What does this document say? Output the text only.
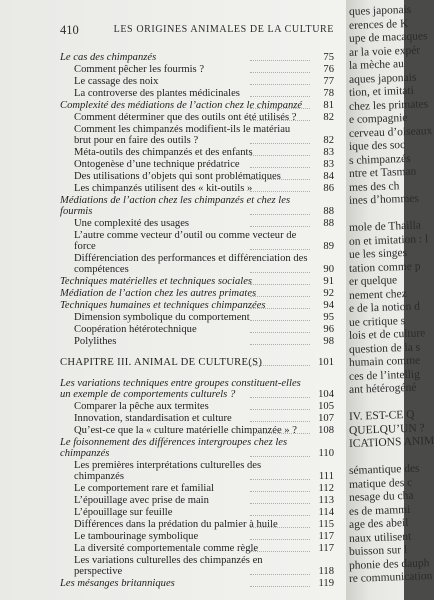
410	LES ORIGINES ANIMALES DE LA CULTURE
Le cas des chimpanzés	75
Comment pêcher les fourmis ?	76
Le cassage des noix	77
La controverse des plantes médicinales	78
Complexité des médiations de l’action chez le chimpanzé 81
Comment déterminer que des outils ont été utilisés ?	82
Comment les chimpanzés modifient-ils le matériau brut pour en faire des outils ?	82
Méta-outils des chimpanzés et des enfants	83
Ontogenèse d’une technique prédatrice	83
Des utilisations d’objets qui sont problématiques	84
Les chimpanzés utilisent des « kit-outils »	86
Médiations de l’action chez les chimpanzés et chez les fourmis	88
Une complexité des usages	88
L’autre comme vecteur d’outil ou comme vecteur de force	89
Différenciation des performances et différenciation des compétences	90
Techniques matérielles et techniques sociales	91
Médiation de l’action chez les autres primates	92
Techniques humaines et techniques chimpanzées	94
Dimension symbolique du comportement	95
Coopération hétérotechnique	96
Polylithes	98
CHAPITRE III. ANIMAL DE CULTURE(S)	101
Les variations techniques entre groupes constituent-elles un exemple de comportements culturels ?	104
Comparer la pêche aux termites	105
Innovation, standardisation et culture	107
Qu’est-ce que la « culture matérielle chimpanzée » ? 108
Le foisonnement des différences intergroupes chez les chimpanzés	110
Les premières interprétations culturelles des chimpanzés	111
Le comportement rare et familial	112
L’épouillage avec prise de main	113
L’épouillage sur feuille	114
Différences dans la prédation du palmier à huile	115
Le tambourinage symbolique	117
La diversité comportementale comme règle	117
Les variations culturelles des chimpanzés en perspective	118
Les mésanges britanniques	119
ques japonais
erences de K
upe de macaques
ar la voie expér
la mèche au
aques japonais
tion, et imitati
chez les primates
e compagnie
cerveau d’oiseaux
ique des soc
s chimpanzés
ntre et Tasman
mes des ch
ines d’hommes
mole de Thailla
on et imitation : l
ue les singes
tation comme p
er quelque
nement chez
e de la notion d
ue critique s
lois et de culture
question de la s
humain comme
ces de l’intellig
ant hétérogéné
IV. EST-CE Q
QUELQU’UN ?
ICATIONS ANIM
sémantique des
matique des c
nesage du cha
es de mammi
age des abeil
naux utilisent
buisson sur l
phonie des dauph
re communication
